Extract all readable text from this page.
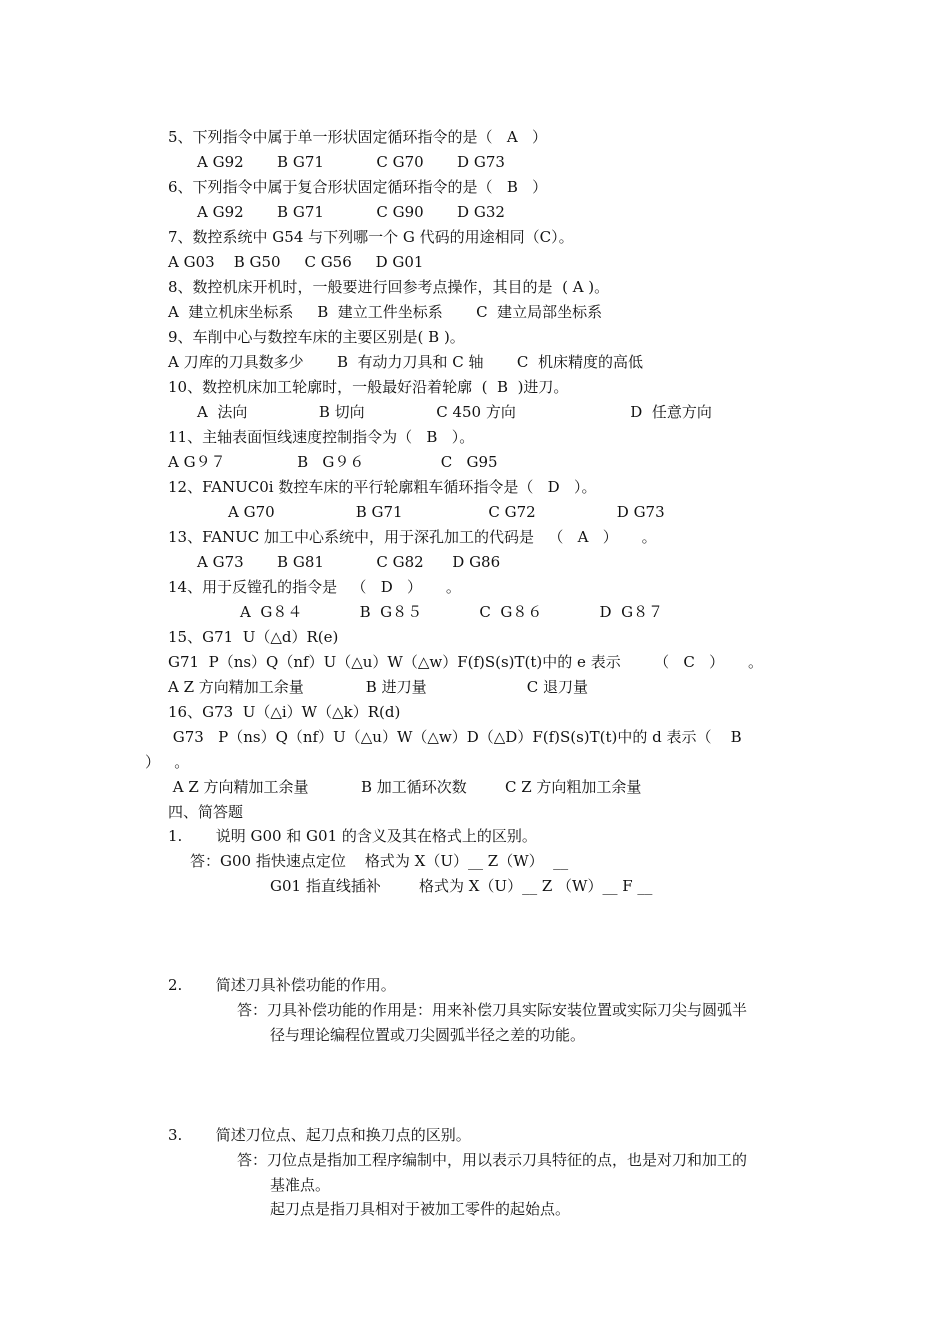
5、下列指令中属于单一形状固定循环指令的是（   A   ）
A G92       B G71           C G70       D G73
6、下列指令中属于复合形状固定循环指令的是（   B   ）
A G92       B G71           C G90       D G32
7、数控系统中 G54 与下列哪一个 G 代码的用途相同（C）。
A G03    B G50     C G56     D G01
8、数控机床开机时，一般要进行回参考点操作，其目的是  ( A )。
A  建立机床坐标系     B  建立工件坐标系       C  建立局部坐标系
9、车削中心与数控车床的主要区别是( B )。
A 刀库的刀具数多少       B  有动力刀具和 C 轴       C  机床精度的高低
10、数控机床加工轮廓时，一般最好沿着轮廓  (  B  )进刀。
A  法向               B 切向               C 450 方向                        D  任意方向
11、主轴表面恒线速度控制指令为（   B   ）。
A G９７               B   G９６                C   G95
12、FANUC0i 数控车床的平行轮廓粗车循环指令是（   D   ）。
A G70                 B G71                  C G72                 D G73
13、FANUC 加工中心系统中，用于深孔加工的代码是   （   A   ）     。
A G73       B G81           C G82      D G86
14、用于反镗孔的指令是   （   D   ）     。
A  G８４            B  G８５            C  G８６            D  G８７
15、G71  U（△d）R(e)
G71  P（ns）Q（nf）U（△u）W（△w）F(f)S(s)T(t)中的 e 表示       （   C   ）     。
A Z 方向精加工余量             B 进刀量                     C 退刀量
16、G73  U（△i）W（△k）R(d)
G73   P（ns）Q（nf）U（△u）W（△w）D（△D）F(f)S(s)T(t)中的 d 表示（    B
）   。
A Z 方向精加工余量           B 加工循环次数        C Z 方向粗加工余量
四、简答题
1.       说明 G00 和 G01 的含义及其在格式上的区别。
答：G00 指快速点定位    格式为 X（U）__ Z（W）  __
G01 指直线插补        格式为 X（U）__ Z （W）__ F __
2.       简述刀具补偿功能的作用。
答：刀具补偿功能的作用是：用来补偿刀具实际安装位置或实际刀尖与圆弧半
径与理论编程位置或刀尖圆弧半径之差的功能。
3.       简述刀位点、起刀点和换刀点的区别。
答：刀位点是指加工程序编制中，用以表示刀具特征的点，也是对刀和加工的
基准点。
起刀点是指刀具相对于被加工零件的起始点。
